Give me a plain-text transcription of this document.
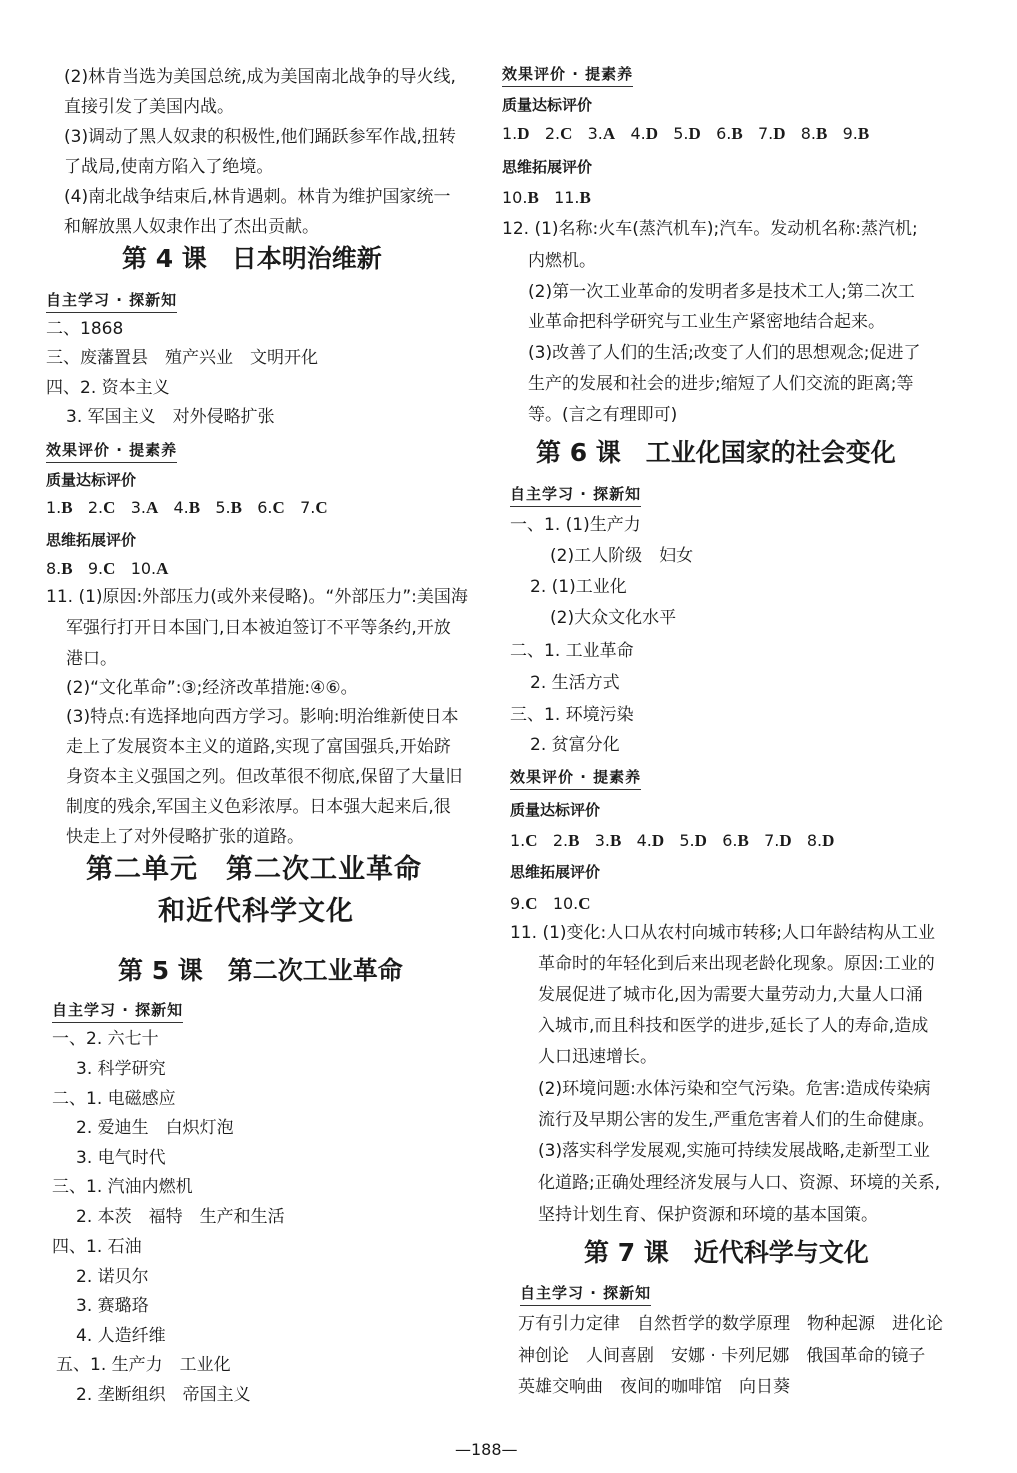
(2)林肯当选为美国总统,成为美国南北战争的导火线,
直接引发了美国内战。
(3)调动了黑人奴隶的积极性,他们踊跃参军作战,扭转
了战局,使南方陷入了绝境。
(4)南北战争结束后,林肯遇刺。林肯为维护国家统一
和解放黑人奴隶作出了杰出贡献。
第 4 课　日本明治维新
自主学习 · 探新知
二、1868
三、废藩置县　殖产兴业　文明开化
四、2. 资本主义
3. 军国主义　对外侵略扩张
效果评价 · 提素养
质量达标评价
1.B 2.C 3.A 4.B 5.B 6.C 7.C
思维拓展评价
8.B 9.C 10.A
11. (1)原因:外部压力(或外来侵略)。“外部压力”:美国海
军强行打开日本国门,日本被迫签订不平等条约,开放
港口。
(2)“文化革命”:③;经济改革措施:④⑥。
(3)特点:有选择地向西方学习。影响:明治维新使日本
走上了发展资本主义的道路,实现了富国强兵,开始跻
身资本主义强国之列。但改革很不彻底,保留了大量旧
制度的残余,军国主义色彩浓厚。日本强大起来后,很
快走上了对外侵略扩张的道路。
第二单元　第二次工业革命
和近代科学文化
第 5 课　第二次工业革命
自主学习 · 探新知
一、2. 六七十
3. 科学研究
二、1. 电磁感应
2. 爱迪生　白炽灯泡
3. 电气时代
三、1. 汽油内燃机
2. 本茨　福特　生产和生活
四、1. 石油
2. 诺贝尔
3. 赛璐珞
4. 人造纤维
五、1. 生产力　工业化
2. 垄断组织　帝国主义
效果评价 · 提素养
质量达标评价
1.D 2.C 3.A 4.D 5.D 6.B 7.D 8.B 9.B
思维拓展评价
10.B 11.B
12. (1)名称:火车(蒸汽机车);汽车。发动机名称:蒸汽机;
内燃机。
(2)第一次工业革命的发明者多是技术工人;第二次工
业革命把科学研究与工业生产紧密地结合起来。
(3)改善了人们的生活;改变了人们的思想观念;促进了
生产的发展和社会的进步;缩短了人们交流的距离;等
等。(言之有理即可)
第 6 课　工业化国家的社会变化
自主学习 · 探新知
一、1. (1)生产力
(2)工人阶级　妇女
2. (1)工业化
(2)大众文化水平
二、1. 工业革命
2. 生活方式
三、1. 环境污染
2. 贫富分化
效果评价 · 提素养
质量达标评价
1.C 2.B 3.B 4.D 5.D 6.B 7.D 8.D
思维拓展评价
9.C 10.C
11. (1)变化:人口从农村向城市转移;人口年龄结构从工业
革命时的年轻化到后来出现老龄化现象。原因:工业的
发展促进了城市化,因为需要大量劳动力,大量人口涌
入城市,而且科技和医学的进步,延长了人的寿命,造成
人口迅速增长。
(2)环境问题:水体污染和空气污染。危害:造成传染病
流行及早期公害的发生,严重危害着人们的生命健康。
(3)落实科学发展观,实施可持续发展战略,走新型工业
化道路;正确处理经济发展与人口、资源、环境的关系,
坚持计划生育、保护资源和环境的基本国策。
第 7 课　近代科学与文化
自主学习 · 探新知
万有引力定律　自然哲学的数学原理　物种起源　进化论
神创论　人间喜剧　安娜 · 卡列尼娜　俄国革命的镜子
英雄交响曲　夜间的咖啡馆　向日葵
—188—
